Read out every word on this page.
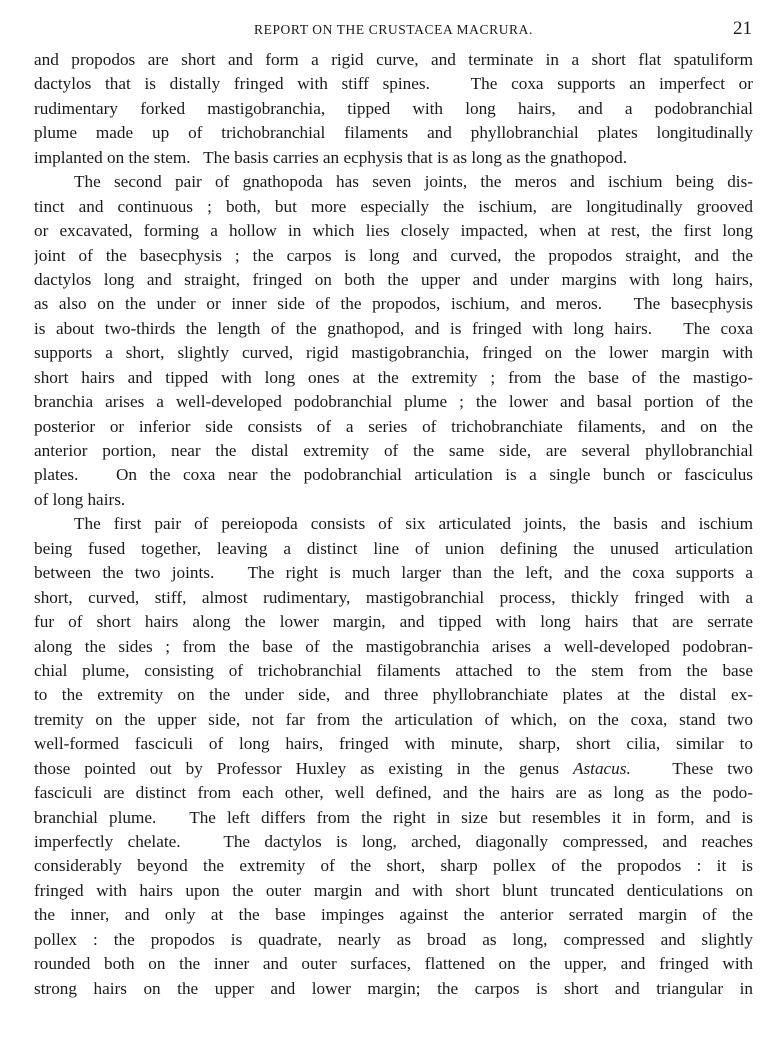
REPORT ON THE CRUSTACEA MACRURA.	21
and propodos are short and form a rigid curve, and terminate in a short flat spatuliform
dactylos that is distally fringed with stiff spines.   The coxa supports an imperfect or
rudimentary forked mastigobranchia, tipped with long hairs, and a podobranchial
plume made up of trichobranchial filaments and phyllobranchial plates longitudinally
implanted on the stem.   The basis carries an ecphysis that is as long as the gnathopod.
The second pair of gnathopoda has seven joints, the meros and ischium being dis-
tinct and continuous ; both, but more especially the ischium, are longitudinally grooved
or excavated, forming a hollow in which lies closely impacted, when at rest, the first long
joint of the basecphysis ; the carpos is long and curved, the propodos straight, and the
dactylos long and straight, fringed on both the upper and under margins with long hairs,
as also on the under or inner side of the propodos, ischium, and meros.   The basecphysis
is about two-thirds the length of the gnathopod, and is fringed with long hairs.   The coxa
supports a short, slightly curved, rigid mastigobranchia, fringed on the lower margin with
short hairs and tipped with long ones at the extremity ; from the base of the mastigo-
branchia arises a well-developed podobranchial plume ; the lower and basal portion of the
posterior or inferior side consists of a series of trichobranchiate filaments, and on the
anterior portion, near the distal extremity of the same side, are several phyllobranchial
plates.   On the coxa near the podobranchial articulation is a single bunch or fasciculus
of long hairs.
The first pair of pereiopoda consists of six articulated joints, the basis and ischium
being fused together, leaving a distinct line of union defining the unused articulation
between the two joints.   The right is much larger than the left, and the coxa supports a
short, curved, stiff, almost rudimentary, mastigobranchial process, thickly fringed with a
fur of short hairs along the lower margin, and tipped with long hairs that are serrate
along the sides ; from the base of the mastigobranchia arises a well-developed podobran-
chial plume, consisting of trichobranchial filaments attached to the stem from the base
to the extremity on the under side, and three phyllobranchiate plates at the distal ex-
tremity on the upper side, not far from the articulation of which, on the coxa, stand two
well-formed fasciculi of long hairs, fringed with minute, sharp, short cilia, similar to
those pointed out by Professor Huxley as existing in the genus Astacus.   These two
fasciculi are distinct from each other, well defined, and the hairs are as long as the podo-
branchial plume.   The left differs from the right in size but resembles it in form, and is
imperfectly chelate.   The dactylos is long, arched, diagonally compressed, and reaches
considerably beyond the extremity of the short, sharp pollex of the propodos : it is
fringed with hairs upon the outer margin and with short blunt truncated denticulations on
the inner, and only at the base impinges against the anterior serrated margin of the
pollex : the propodos is quadrate, nearly as broad as long, compressed and slightly
rounded both on the inner and outer surfaces, flattened on the upper, and fringed with
strong hairs on the upper and lower margin; the carpos is short and triangular in
